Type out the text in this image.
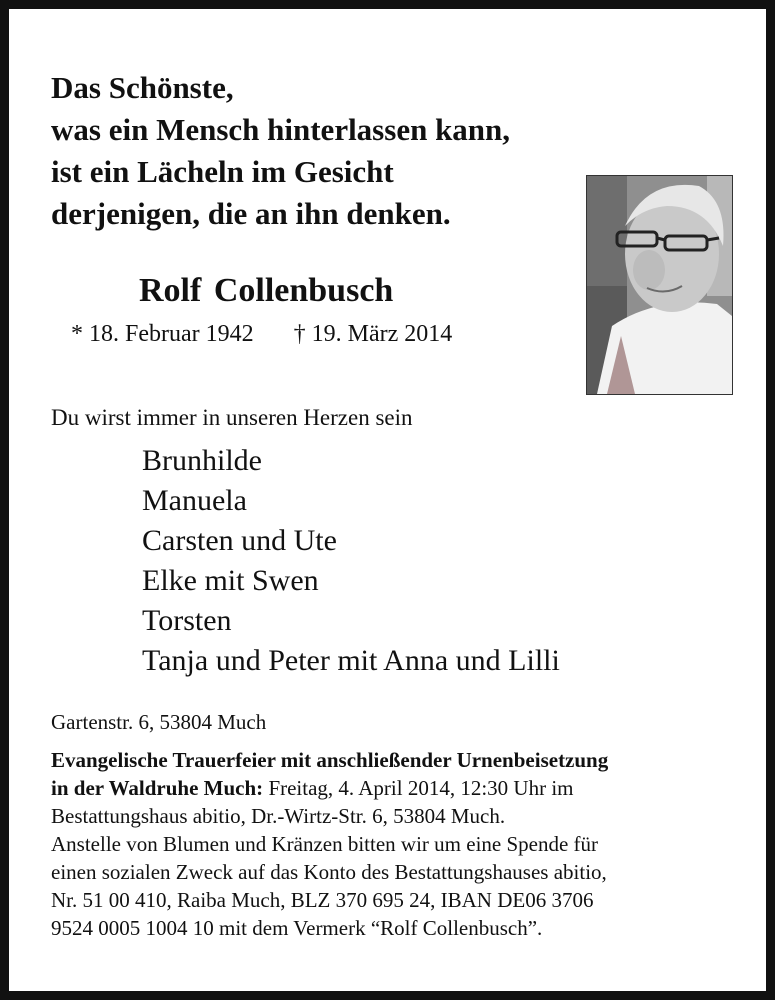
Das Schönste,
was ein Mensch hinterlassen kann,
ist ein Lächeln im Gesicht
derjenigen, die an ihn denken.
Rolf Collenbusch
* 18. Februar 1942 † 19. März 2014
Du wirst immer in unseren Herzen sein
Brunhilde
Manuela
Carsten und Ute
Elke mit Swen
Torsten
Tanja und Peter mit Anna und Lilli
Gartenstr. 6, 53804 Much
Evangelische Trauerfeier mit anschließender Urnenbeisetzung
in der Waldruhe Much: Freitag, 4. April 2014, 12:30 Uhr im
Bestattungshaus abitio, Dr.-Wirtz-Str. 6, 53804 Much.
Anstelle von Blumen und Kränzen bitten wir um eine Spende für
einen sozialen Zweck auf das Konto des Bestattungshauses abitio,
Nr. 51 00 410, Raiba Much, BLZ 370 695 24, IBAN DE06 3706
9524 0005 1004 10 mit dem Vermerk “Rolf Collenbusch”.
